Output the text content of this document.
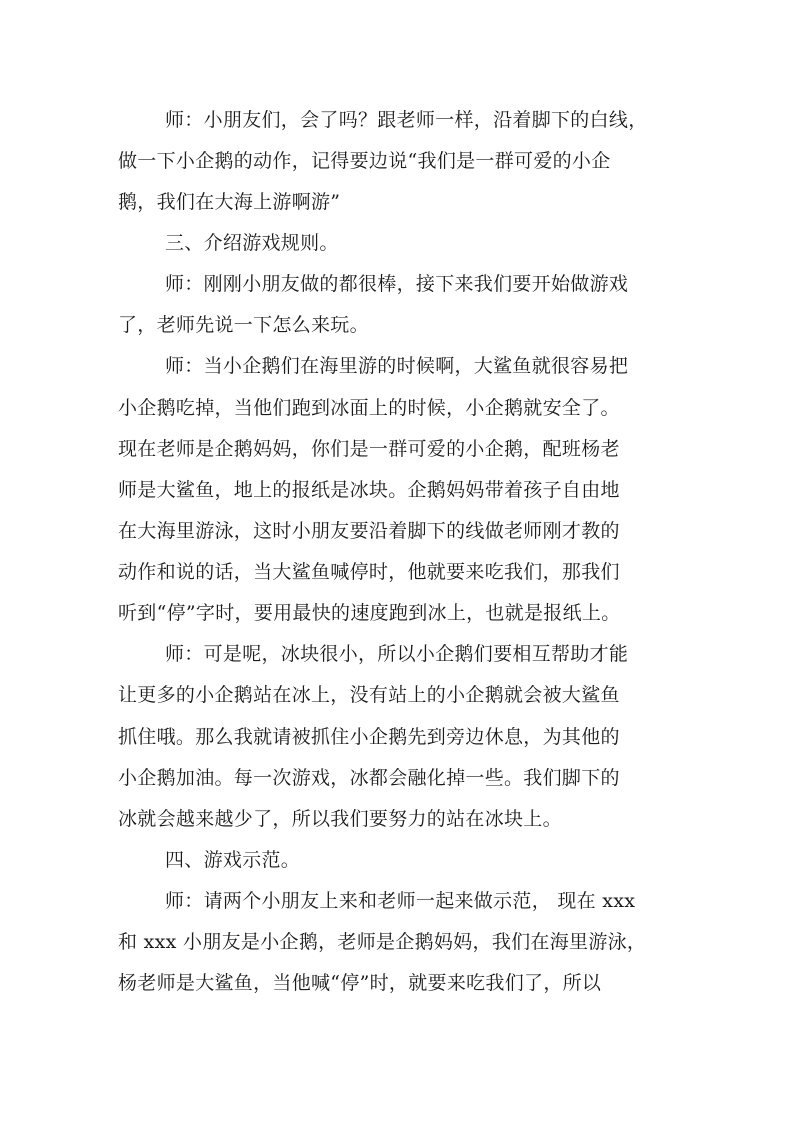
师：小朋友们，会了吗？跟老师一样，沿着脚下的白线，
做一下小企鹅的动作，记得要边说“我们是一群可爱的小企
鹅，我们在大海上游啊游”
三、介绍游戏规则。
师：刚刚小朋友做的都很棒，接下来我们要开始做游戏
了，老师先说一下怎么来玩。
师：当小企鹅们在海里游的时候啊，大鲨鱼就很容易把
小企鹅吃掉，当他们跑到冰面上的时候，小企鹅就安全了。
现在老师是企鹅妈妈，你们是一群可爱的小企鹅，配班杨老
师是大鲨鱼，地上的报纸是冰块。企鹅妈妈带着孩子自由地
在大海里游泳，这时小朋友要沿着脚下的线做老师刚才教的
动作和说的话，当大鲨鱼喊停时，他就要来吃我们，那我们
听到“停”字时，要用最快的速度跑到冰上，也就是报纸上。
师：可是呢，冰块很小，所以小企鹅们要相互帮助才能
让更多的小企鹅站在冰上，没有站上的小企鹅就会被大鲨鱼
抓住哦。那么我就请被抓住小企鹅先到旁边休息，为其他的
小企鹅加油。每一次游戏，冰都会融化掉一些。我们脚下的
冰就会越来越少了，所以我们要努力的站在冰块上。
四、游戏示范。
师：请两个小朋友上来和老师一起来做示范， 现在 xxx
和 xxx 小朋友是小企鹅，老师是企鹅妈妈，我们在海里游泳，
杨老师是大鲨鱼，当他喊“停”时，就要来吃我们了，所以
